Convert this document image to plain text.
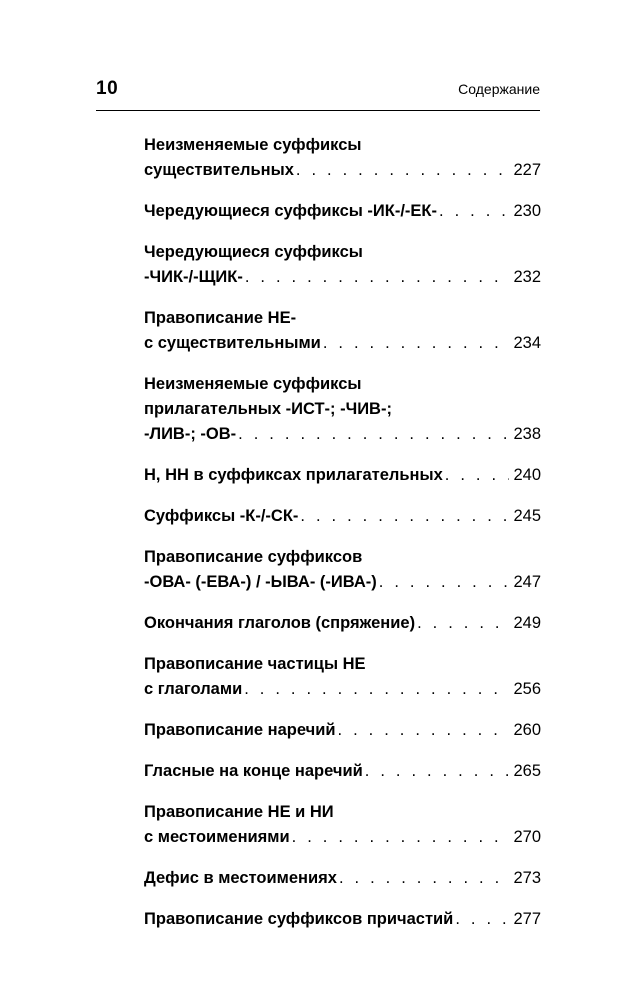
10	Содержание
Неизменяемые суффиксы
существительных . . .	227
Чередующиеся суффиксы -ИК-/-ЕК- . . .	230
Чередующиеся суффиксы
-ЧИК-/-ЩИК- . . .	232
Правописание НЕ-
с существительными . . .	234
Неизменяемые суффиксы
прилагательных -ИСТ-; -ЧИВ-;
-ЛИВ-; -ОВ- . . .	238
Н, НН в суффиксах прилагательных . . .	240
Суффиксы -К-/-СК- . . .	245
Правописание суффиксов
-ОВА- (-ЕВА-) / -ЫВА- (-ИВА-) . . .	247
Окончания глаголов (спряжение) . . .	249
Правописание частицы НЕ
с глаголами . . .	256
Правописание наречий . . .	260
Гласные на конце наречий . . .	265
Правописание НЕ и НИ
с местоимениями . . .	270
Дефис в местоимениях . . .	273
Правописание суффиксов причастий . . .	277
